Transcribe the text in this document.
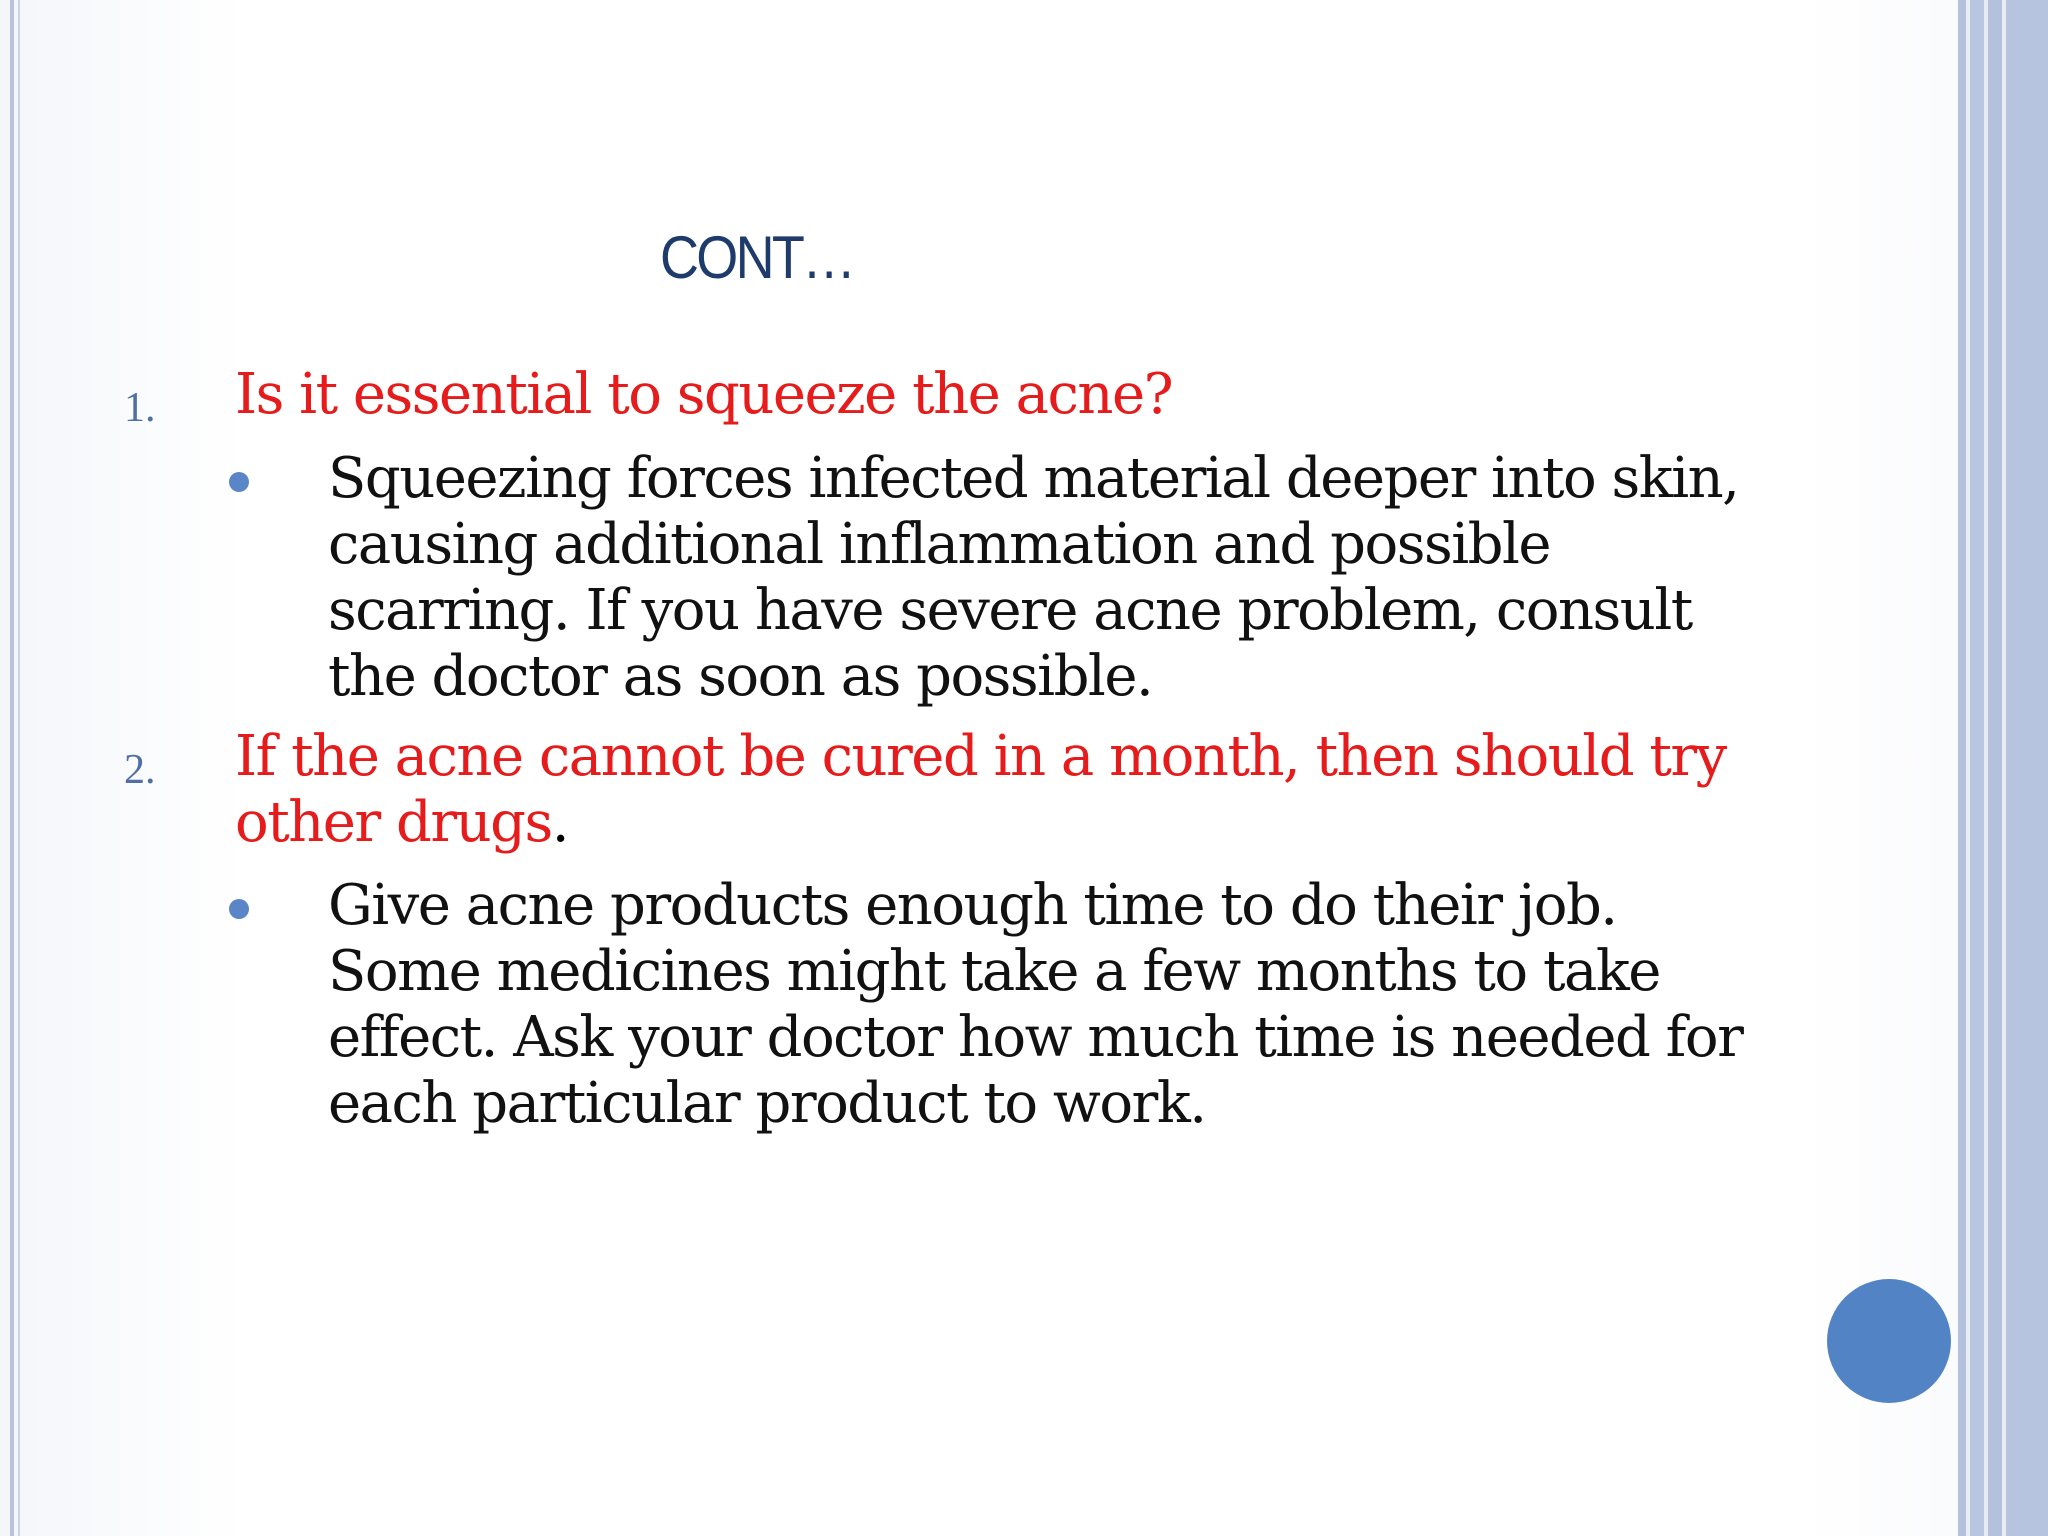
CONT…
1. Is it essential to squeeze the acne?
Squeezing forces infected material deeper into skin, causing additional inflammation and possible scarring. If you have severe acne problem, consult the doctor as soon as possible.
2. If the acne cannot be cured in a month, then should try other drugs.
Give acne products enough time to do their job. Some medicines might take a few months to take effect. Ask your doctor how much time is needed for each particular product to work.
